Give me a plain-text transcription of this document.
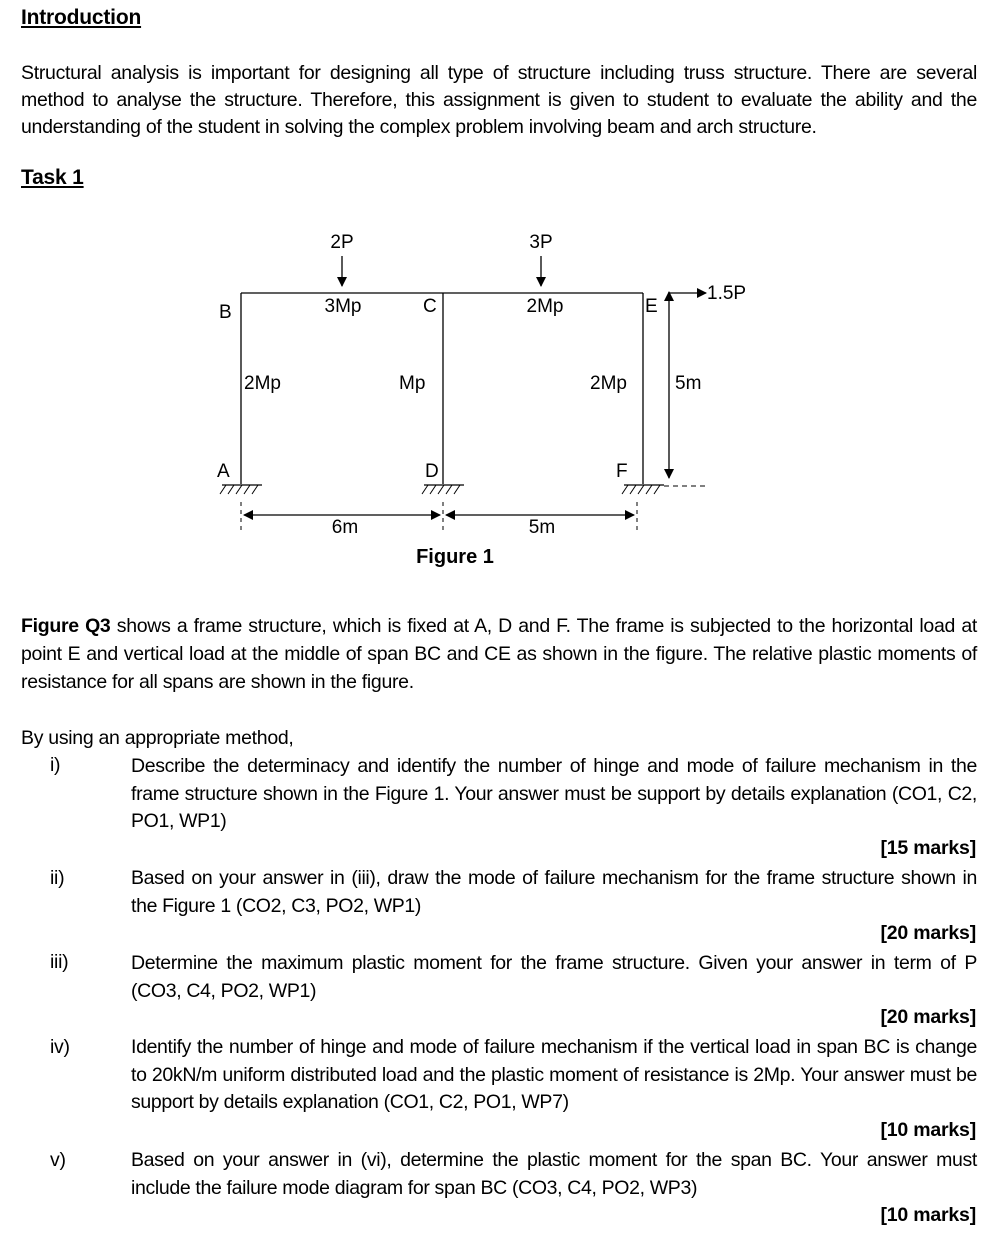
Introduction
Structural analysis is important for designing all type of structure including truss structure. There are several method to analyse the structure. Therefore, this assignment is given to student to evaluate the ability and the understanding of the student in solving the complex problem involving beam and arch structure.
Task 1
2P	3P
1.5P
5m
3Mp	2Mp
2Mp	Mp	2Mp
B	C	E
A	D	F
6m	5m
Figure 1
Figure Q3 shows a frame structure, which is fixed at A, D and F. The frame is subjected to the horizontal load at point E and vertical load at the middle of span BC and CE as shown in the figure. The relative plastic moments of resistance for all spans are shown in the figure.
By using an appropriate method,
i)	Describe the determinacy and identify the number of hinge and mode of failure mechanism in the frame structure shown in the Figure 1. Your answer must be support by details explanation (CO1, C2, PO1, WP1)
[15 marks]
ii)	Based on your answer in (iii), draw the mode of failure mechanism for the frame structure shown in the Figure 1 (CO2, C3, PO2, WP1)
[20 marks]
iii)	Determine the maximum plastic moment for the frame structure. Given your answer in term of P (CO3, C4, PO2, WP1)
[20 marks]
iv)	Identify the number of hinge and mode of failure mechanism if the vertical load in span BC is change to 20kN/m uniform distributed load and the plastic moment of resistance is 2Mp. Your answer must be support by details explanation (CO1, C2, PO1, WP7)
[10 marks]
v)	Based on your answer in (vi), determine the plastic moment for the span BC. Your answer must include the failure mode diagram for span BC (CO3, C4, PO2, WP3)
[10 marks]
